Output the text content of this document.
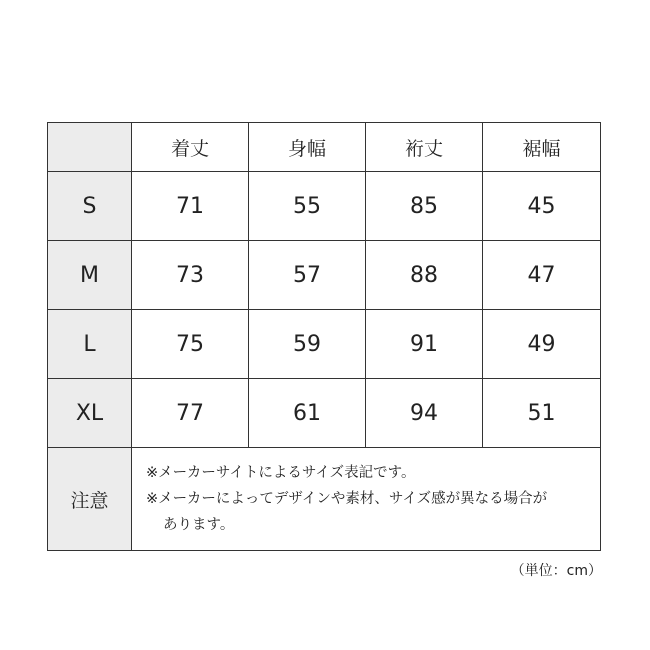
	着丈	身幅	裄丈	裾幅
S	71	55	85	45
M	73	57	88	47
L	75	59	91	49
XL	77	61	94	51
注意	※メーカーサイトによるサイズ表記です。
※メーカーによってデザインや素材、サイズ感が異なる場合が
あります。			
（単位：cm）
